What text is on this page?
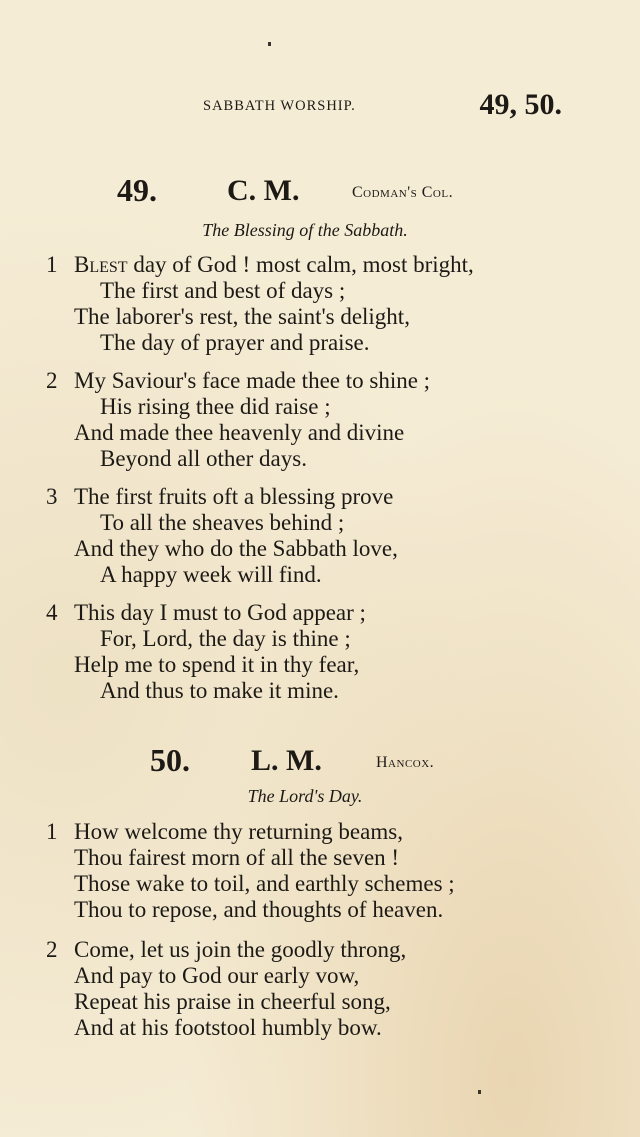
SABBATH WORSHIP.	49, 50.
49. C. M.	Codman's Col.
The Blessing of the Sabbath.
1 Blest day of God ! most calm, most bright,
The first and best of days ;
The laborer's rest, the saint's delight,
The day of prayer and praise.
2 My Saviour's face made thee to shine ;
His rising thee did raise ;
And made thee heavenly and divine
Beyond all other days.
3 The first fruits oft a blessing prove
To all the sheaves behind ;
And they who do the Sabbath love,
A happy week will find.
4 This day I must to God appear ;
For, Lord, the day is thine ;
Help me to spend it in thy fear,
And thus to make it mine.
50. L. M.	Hancox.
The Lord's Day.
1 How welcome thy returning beams,
Thou fairest morn of all the seven !
Those wake to toil, and earthly schemes ;
Thou to repose, and thoughts of heaven.
2 Come, let us join the goodly throng,
And pay to God our early vow,
Repeat his praise in cheerful song,
And at his footstool humbly bow.
